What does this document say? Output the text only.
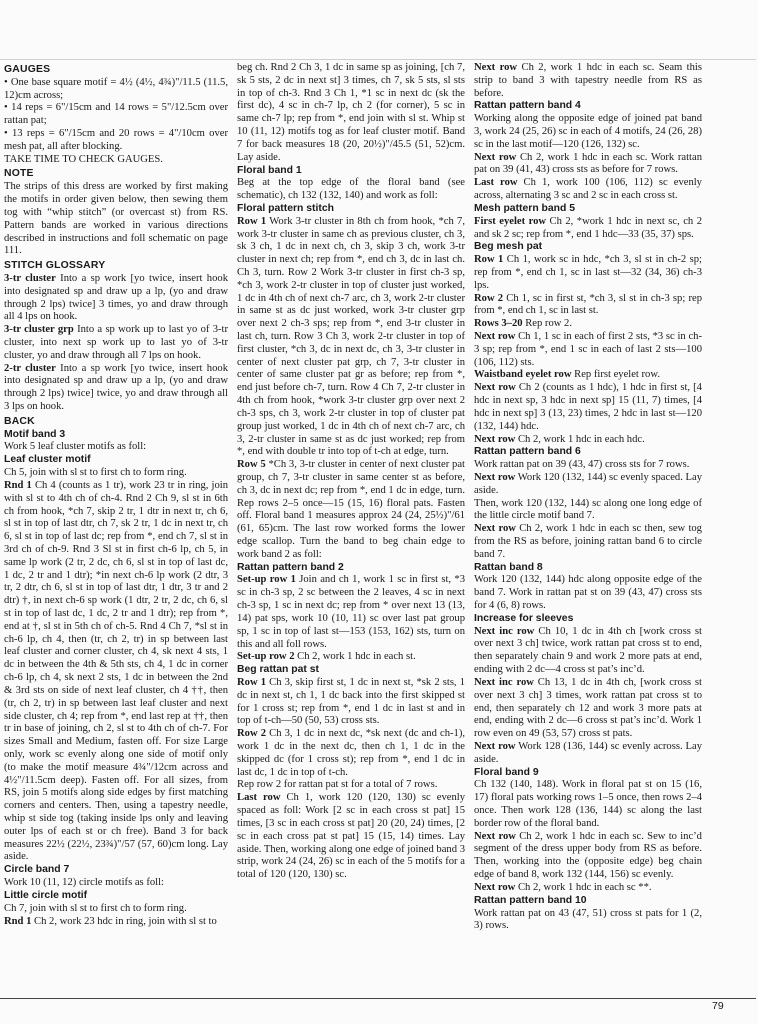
GAUGES
• One base square motif = 4½ (4½, 4¾)"/11.5 (11.5, 12)cm across;
• 14 reps = 6"/15cm and 14 rows = 5"/12.5cm over rattan pat;
• 13 reps = 6"/15cm and 20 rows = 4"/10cm over mesh pat, all after blocking.
TAKE TIME TO CHECK GAUGES.
NOTE
The strips of this dress are worked by first making the motifs in order given below, then sewing them tog with “whip stitch” (or overcast st) from RS. Pattern bands are worked in various directions described in instructions and foll schematic on page 111.
STITCH GLOSSARY
3-tr cluster Into a sp work [yo twice, insert hook into designated sp and draw up a lp, (yo and draw through 2 lps) twice] 3 times, yo and draw through all 4 lps on hook.
3-tr cluster grp Into a sp work up to last yo of 3-tr cluster, into next sp work up to last yo of 3-tr cluster, yo and draw through all 7 lps on hook.
2-tr cluster Into a sp work [yo twice, insert hook into designated sp and draw up a lp, (yo and draw through 2 lps) twice] twice, yo and draw through all 3 lps on hook.
BACK
Motif band 3
Work 5 leaf cluster motifs as foll:
Leaf cluster motif
Ch 5, join with sl st to first ch to form ring.
Rnd 1 Ch 4 (counts as 1 tr), work 23 tr in ring, join with sl st to 4th ch of ch-4. Rnd 2 Ch 9, sl st in 6th ch from hook, *ch 7, skip 2 tr, 1 dtr in next tr, ch 6, sl st in top of last dtr, ch 7, sk 2 tr, 1 dc in next tr, ch 6, sl st in top of last dc; rep from *, end ch 7, sl st in 3rd ch of ch-9. Rnd 3 Sl st in first ch-6 lp, ch 5, in same lp work (2 tr, 2 dc, ch 6, sl st in top of last dc, 1 dc, 2 tr and 1 dtr); *in next ch-6 lp work (2 dtr, 3 tr, 2 dtr, ch 6, sl st in top of last dtr, 1 dtr, 3 tr and 2 dtr) †, in next ch-6 sp work (1 dtr, 2 tr, 2 dc, ch 6, sl st in top of last dc, 1 dc, 2 tr and 1 dtr); rep from *, end at †, sl st in 5th ch of ch-5. Rnd 4 Ch 7, *sl st in ch-6 lp, ch 4, then (tr, ch 2, tr) in sp between last leaf cluster and corner cluster, ch 4, sk next 4 sts, 1 dc in between the 4th & 5th sts, ch 4, 1 dc in corner ch-6 lp, ch 4, sk next 2 sts, 1 dc in between the 2nd & 3rd sts on side of next leaf cluster, ch 4 ††, then (tr, ch 2, tr) in sp between last leaf cluster and next side cluster, ch 4; rep from *, end last rep at ††, then tr in base of joining, ch 2, sl st to 4th ch of ch-7. For sizes Small and Medium, fasten off. For size Large only, work sc evenly along one side of motif only (to make the motif measure 4¾"/12cm across and 4½"/11.5cm deep). Fasten off. For all sizes, from RS, join 5 motifs along side edges by first matching corners and centers. Then, using a tapestry needle, whip st side tog (taking inside lps only and leaving outer lps of each st or ch free). Band 3 for back measures 22½ (22½, 23¾)"/57 (57, 60)cm long. Lay aside.
Circle band 7
Work 10 (11, 12) circle motifs as foll:
Little circle motif
Ch 7, join with sl st to first ch to form ring.
Rnd 1 Ch 2, work 23 hdc in ring, join with sl st to
beg ch. Rnd 2 Ch 3, 1 dc in same sp as joining, [ch 7, sk 5 sts, 2 dc in next st] 3 times, ch 7, sk 5 sts, sl sts in top of ch-3. Rnd 3 Ch 1, *1 sc in next dc (sk the first dc), 4 sc in ch-7 lp, ch 2 (for corner), 5 sc in same ch-7 lp; rep from *, end join with sl st. Whip st 10 (11, 12) motifs tog as for leaf cluster motif. Band 7 for back measures 18 (20, 20½)"/45.5 (51, 52)cm. Lay aside.
Floral band 1
Beg at the top edge of the floral band (see schematic), ch 132 (132, 140) and work as foll:
Floral pattern stitch
Row 1 Work 3-tr cluster in 8th ch from hook, *ch 7, work 3-tr cluster in same ch as previous cluster, ch 3, sk 3 ch, 1 dc in next ch, ch 3, skip 3 ch, work 3-tr cluster in next ch; rep from *, end ch 3, dc in last ch. Ch 3, turn. Row 2 Work 3-tr cluster in first ch-3 sp, *ch 3, work 2-tr cluster in top of cluster just worked, 1 dc in 4th ch of next ch-7 arc, ch 3, work 2-tr cluster in same st as dc just worked, work 3-tr cluster grp over next 2 ch-3 sps; rep from *, end 3-tr cluster in last ch, turn. Row 3 Ch 3, work 2-tr cluster in top of first cluster, *ch 3, dc in next dc, ch 3, 3-tr cluster in center of next cluster pat grp, ch 7, 3-tr cluster in center of same cluster pat gr as before; rep from *, end just before ch-7, turn. Row 4 Ch 7, 2-tr cluster in 4th ch from hook, *work 3-tr cluster grp over next 2 ch-3 sps, ch 3, work 2-tr cluster in top of cluster pat group just worked, 1 dc in 4th ch of next ch-7 arc, ch 3, 2-tr cluster in same st as dc just worked; rep from *, end with double tr into top of t-ch at edge, turn.
Row 5 *Ch 3, 3-tr cluster in center of next cluster pat group, ch 7, 3-tr cluster in same center st as before, ch 3, dc in next dc; rep from *, end 1 dc in edge, turn. Rep rows 2–5 once—15 (15, 16) floral pats. Fasten off. Floral band 1 measures approx 24 (24, 25½)"/61 (61, 65)cm. The last row worked forms the lower edge scallop. Turn the band to beg chain edge to work band 2 as foll:
Rattan pattern band 2
Set-up row 1 Join and ch 1, work 1 sc in first st, *3 sc in ch-3 sp, 2 sc between the 2 leaves, 4 sc in next ch-3 sp, 1 sc in next dc; rep from * over next 13 (13, 14) pat sps, work 10 (10, 11) sc over last pat group sp, 1 sc in top of last st—153 (153, 162) sts, turn on this and all foll rows.
Set-up row 2 Ch 2, work 1 hdc in each st.
Beg rattan pat st
Row 1 Ch 3, skip first st, 1 dc in next st, *sk 2 sts, 1 dc in next st, ch 1, 1 dc back into the first skipped st for 1 cross st; rep from *, end 1 dc in last st and in top of t-ch—50 (50, 53) cross sts.
Row 2 Ch 3, 1 dc in next dc, *sk next (dc and ch-1), work 1 dc in the next dc, then ch 1, 1 dc in the skipped dc (for 1 cross st); rep from *, end 1 dc in last dc, 1 dc in top of t-ch.
Rep row 2 for rattan pat st for a total of 7 rows.
Last row Ch 1, work 120 (120, 130) sc evenly spaced as foll: Work [2 sc in each cross st pat] 15 times, [3 sc in each cross st pat] 20 (20, 24) times, [2 sc in each cross pat st pat] 15 (15, 14) times. Lay aside. Then, working along one edge of joined band 3 strip, work 24 (24, 26) sc in each of the 5 motifs for a total of 120 (120, 130) sc.
Next row Ch 2, work 1 hdc in each sc. Seam this strip to band 3 with tapestry needle from RS as before.
Rattan pattern band 4
Working along the opposite edge of joined pat band 3, work 24 (25, 26) sc in each of 4 motifs, 24 (26, 28) sc in the last motif—120 (126, 132) sc.
Next row Ch 2, work 1 hdc in each sc. Work rattan pat on 39 (41, 43) cross sts as before for 7 rows.
Last row Ch 1, work 100 (106, 112) sc evenly across, alternating 3 sc and 2 sc in each cross st.
Mesh pattern band 5
First eyelet row Ch 2, *work 1 hdc in next sc, ch 2 and sk 2 sc; rep from *, end 1 hdc—33 (35, 37) sps.
Beg mesh pat
Row 1 Ch 1, work sc in hdc, *ch 3, sl st in ch-2 sp; rep from *, end ch 1, sc in last st—32 (34, 36) ch-3 lps.
Row 2 Ch 1, sc in first st, *ch 3, sl st in ch-3 sp; rep from *, end ch 1, sc in last st.
Rows 3–20 Rep row 2.
Next row Ch 1, 1 sc in each of first 2 sts, *3 sc in ch-3 sp; rep from *, end 1 sc in each of last 2 sts—100 (106, 112) sts.
Waistband eyelet row Rep first eyelet row.
Next row Ch 2 (counts as 1 hdc), 1 hdc in first st, [4 hdc in next sp, 3 hdc in next sp] 15 (11, 7) times, [4 hdc in next sp] 3 (13, 23) times, 2 hdc in last st—120 (132, 144) hdc.
Next row Ch 2, work 1 hdc in each hdc.
Rattan pattern band 6
Work rattan pat on 39 (43, 47) cross sts for 7 rows.
Next row Work 120 (132, 144) sc evenly spaced. Lay aside.
Then, work 120 (132, 144) sc along one long edge of the little circle motif band 7.
Next row Ch 2, work 1 hdc in each sc then, sew tog from the RS as before, joining rattan band 6 to circle band 7.
Rattan band 8
Work 120 (132, 144) hdc along opposite edge of the band 7. Work in rattan pat st on 39 (43, 47) cross sts for 4 (6, 8) rows.
Increase for sleeves
Next inc row Ch 10, 1 dc in 4th ch [work cross st over next 3 ch] twice, work rattan pat cross st to end, then separately chain 9 and work 2 more pats at end, ending with 2 dc—4 cross st pat’s inc’d.
Next inc row Ch 13, 1 dc in 4th ch, [work cross st over next 3 ch] 3 times, work rattan pat cross st to end, then separately ch 12 and work 3 more pats at end, ending with 2 dc—6 cross st pat’s inc’d. Work 1 row even on 49 (53, 57) cross st pats.
Next row Work 128 (136, 144) sc evenly across. Lay aside.
Floral band 9
Ch 132 (140, 148). Work in floral pat st on 15 (16, 17) floral pats working rows 1–5 once, then rows 2–4 once. Then work 128 (136, 144) sc along the last border row of the floral band.
Next row Ch 2, work 1 hdc in each sc. Sew to inc’d segment of the dress upper body from RS as before. Then, working into the (opposite edge) beg chain edge of band 8, work 132 (144, 156) sc evenly.
Next row Ch 2, work 1 hdc in each sc **.
Rattan pattern band 10
Work rattan pat on 43 (47, 51) cross st pats for 1 (2, 3) rows.
79
